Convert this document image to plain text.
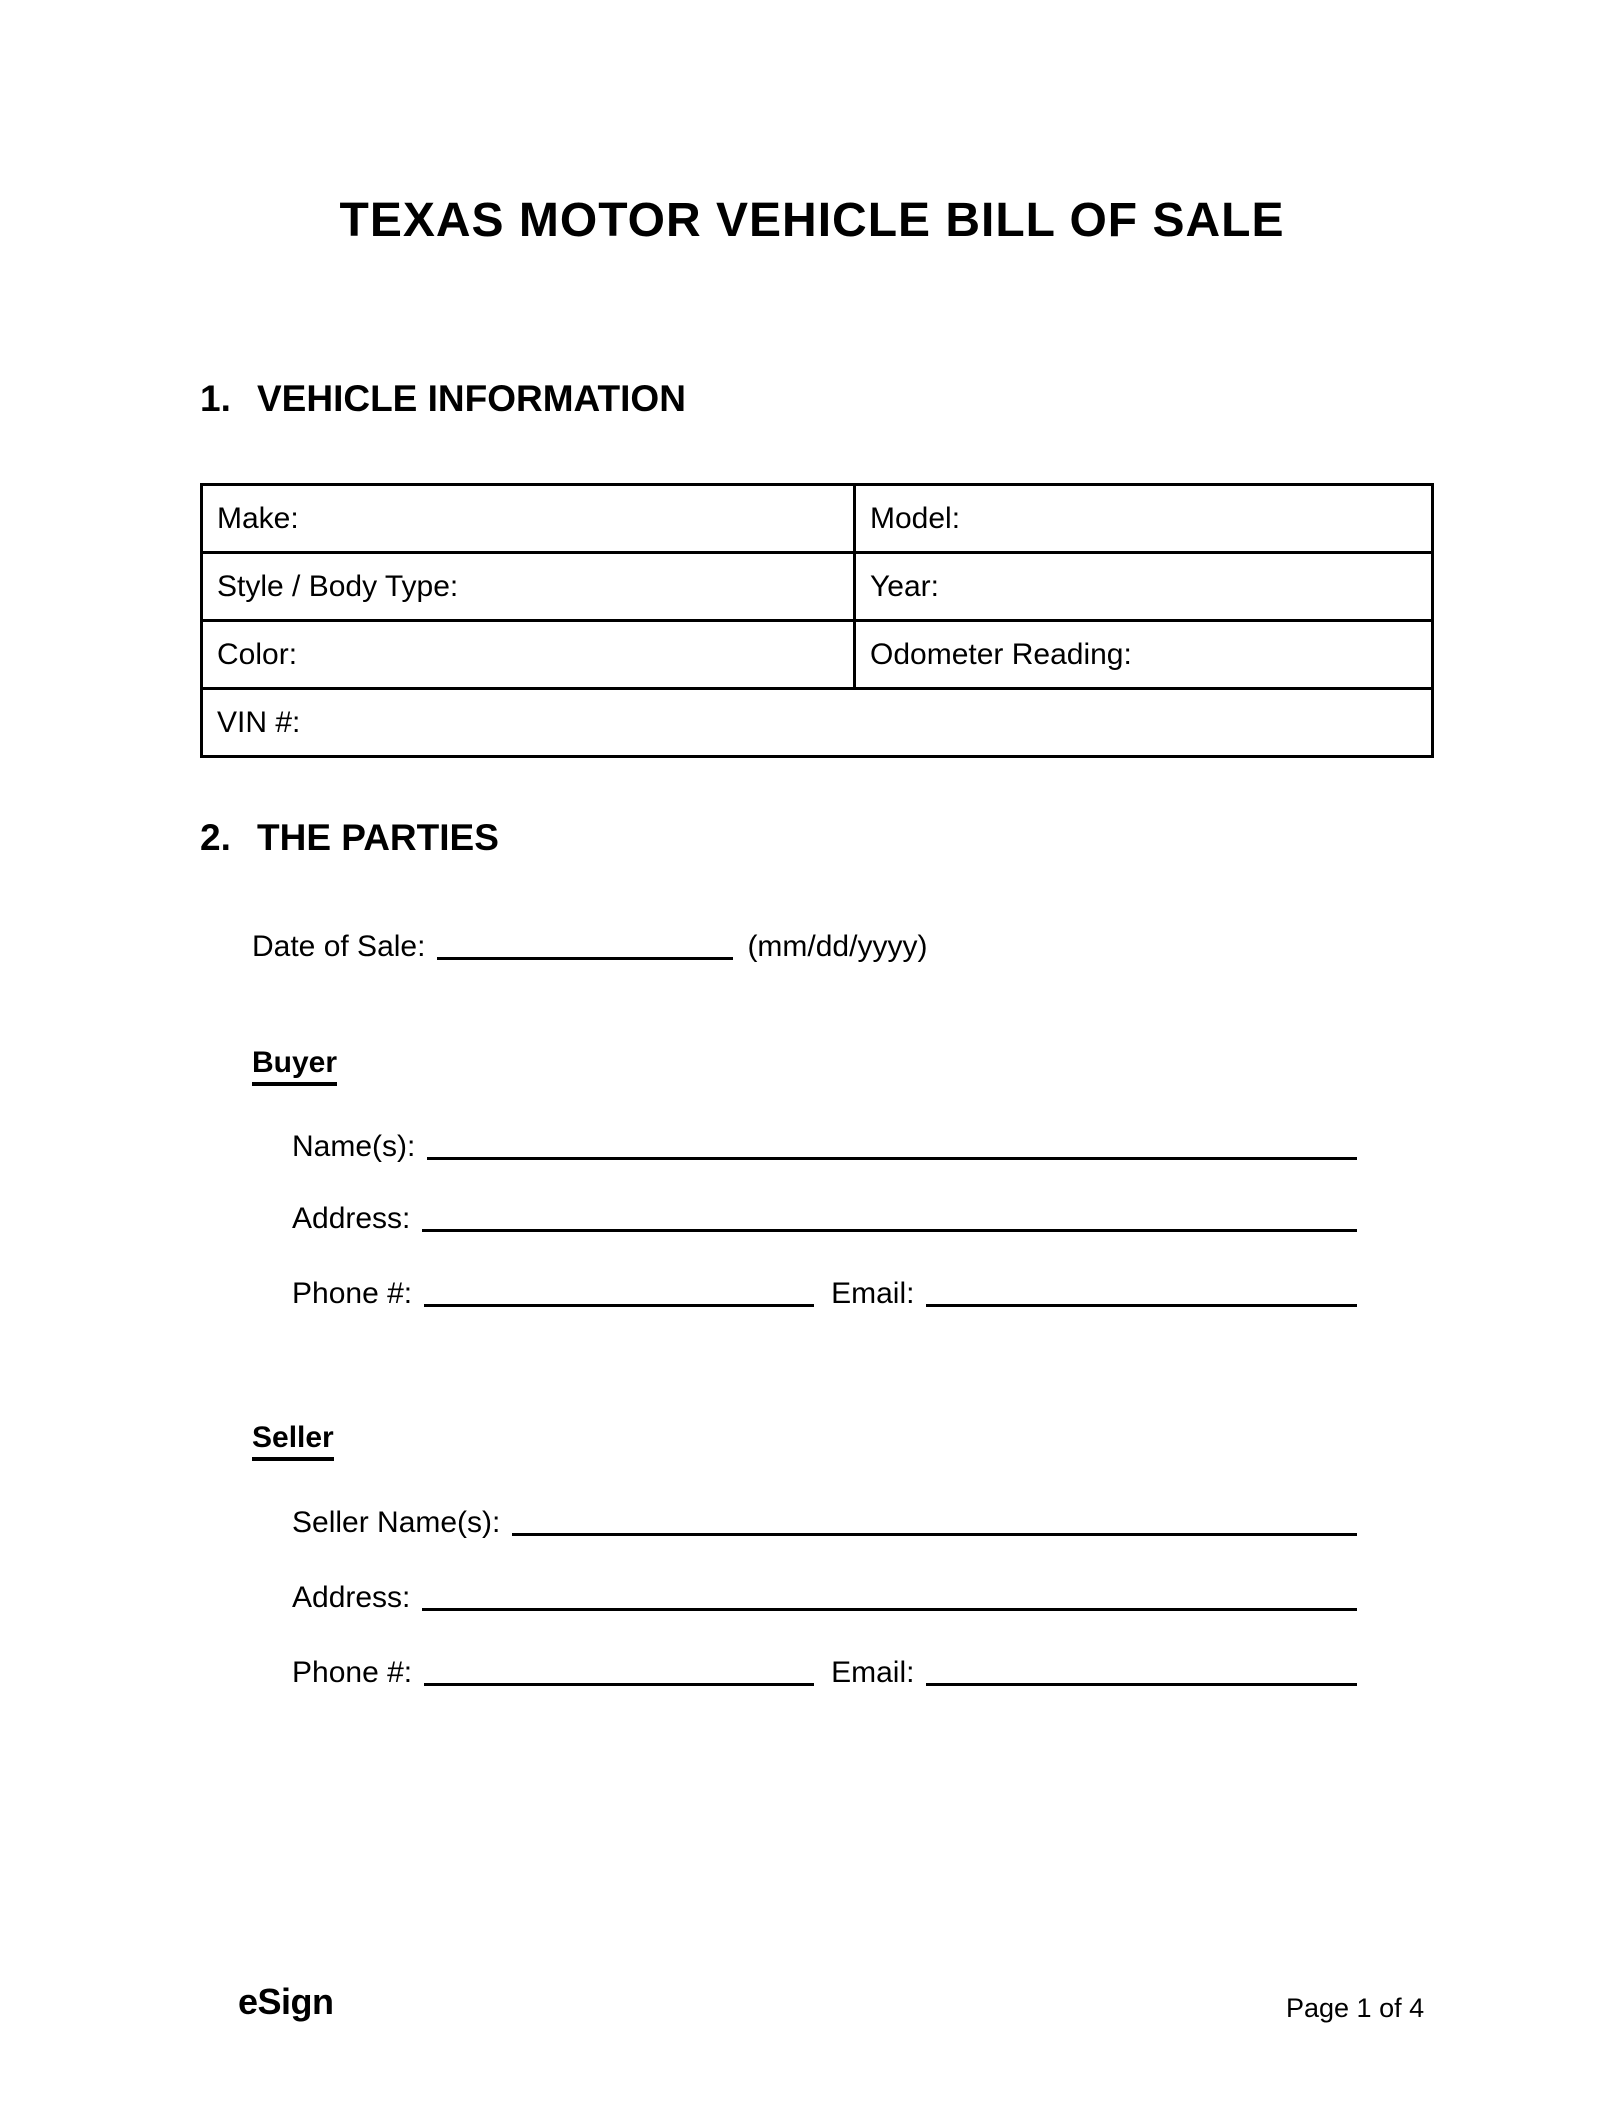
TEXAS MOTOR VEHICLE BILL OF SALE
1. VEHICLE INFORMATION
Make:	Model:
Style / Body Type:	Year:
Color:	Odometer Reading:
VIN #:	
2. THE PARTIES
Date of Sale:	(mm/dd/yyyy)
Buyer
Name(s):
Address:
Phone #:	Email:
Seller
Seller Name(s):
Address:
Phone #:	Email:
eSign	Page 1 of 4
